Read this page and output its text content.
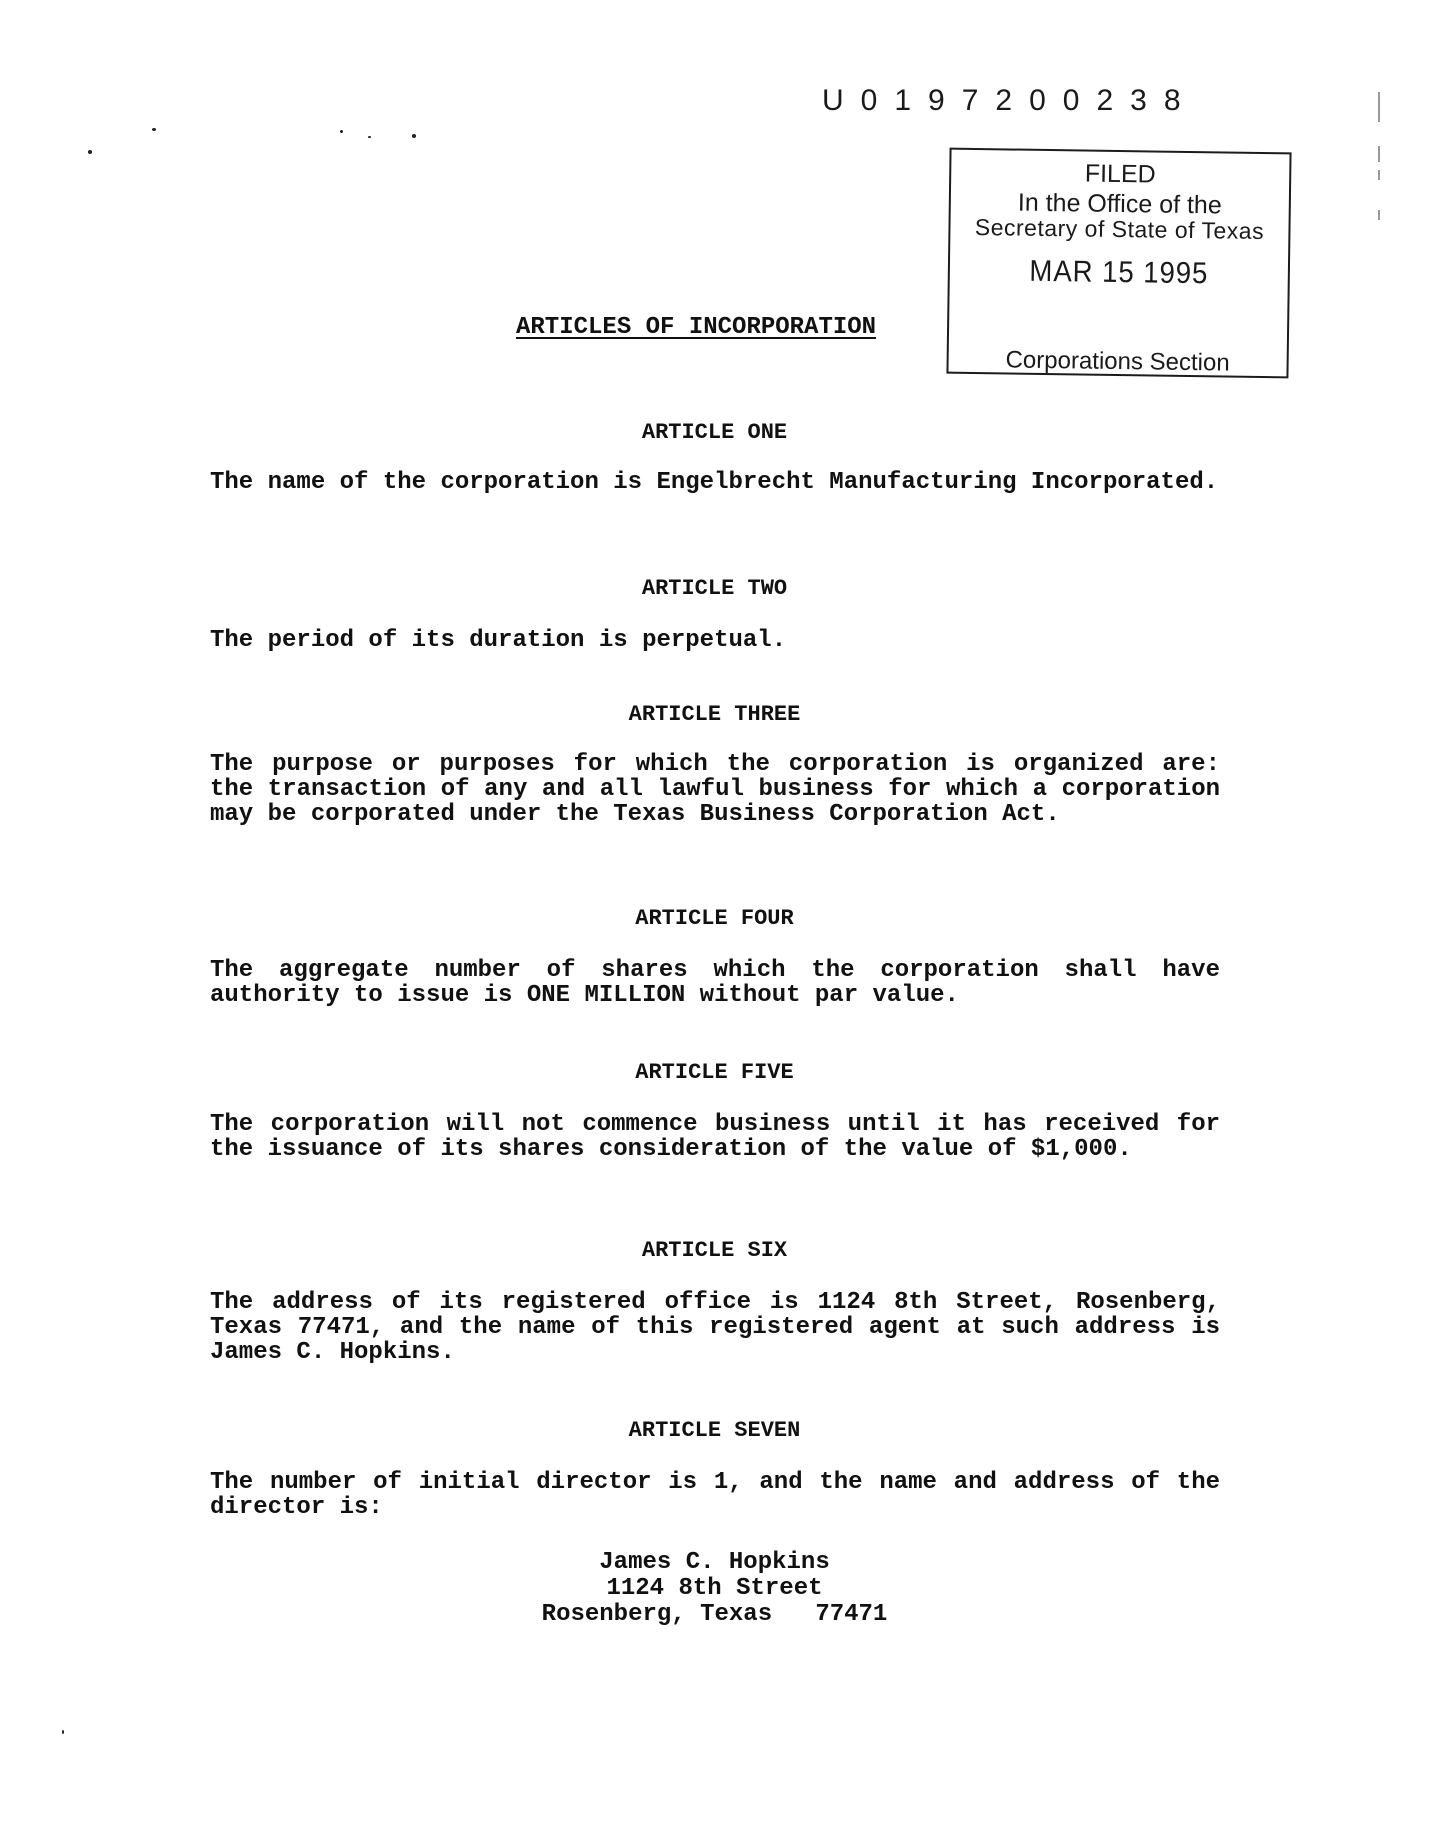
U0197200238
FILED
In the Office of the
Secretary of State of Texas
MAR 15 1995
Corporations Section
ARTICLES OF INCORPORATION
ARTICLE ONE
The name of the corporation is Engelbrecht Manufacturing Incorporated.
ARTICLE TWO
The period of its duration is perpetual.
ARTICLE THREE
The purpose or purposes for which the corporation is organized are: the transaction of any and all lawful business for which a corporation may be corporated under the Texas Business Corporation Act.
ARTICLE FOUR
The aggregate number of shares which the corporation shall have authority to issue is ONE MILLION without par value.
ARTICLE FIVE
The corporation will not commence business until it has received for the issuance of its shares consideration of the value of $1,000.
ARTICLE SIX
The address of its registered office is 1124 8th Street, Rosenberg, Texas 77471, and the name of this registered agent at such address is James C. Hopkins.
ARTICLE SEVEN
The number of initial director is 1, and the name and address of the director is:
James C. Hopkins
1124 8th Street
Rosenberg, Texas   77471
